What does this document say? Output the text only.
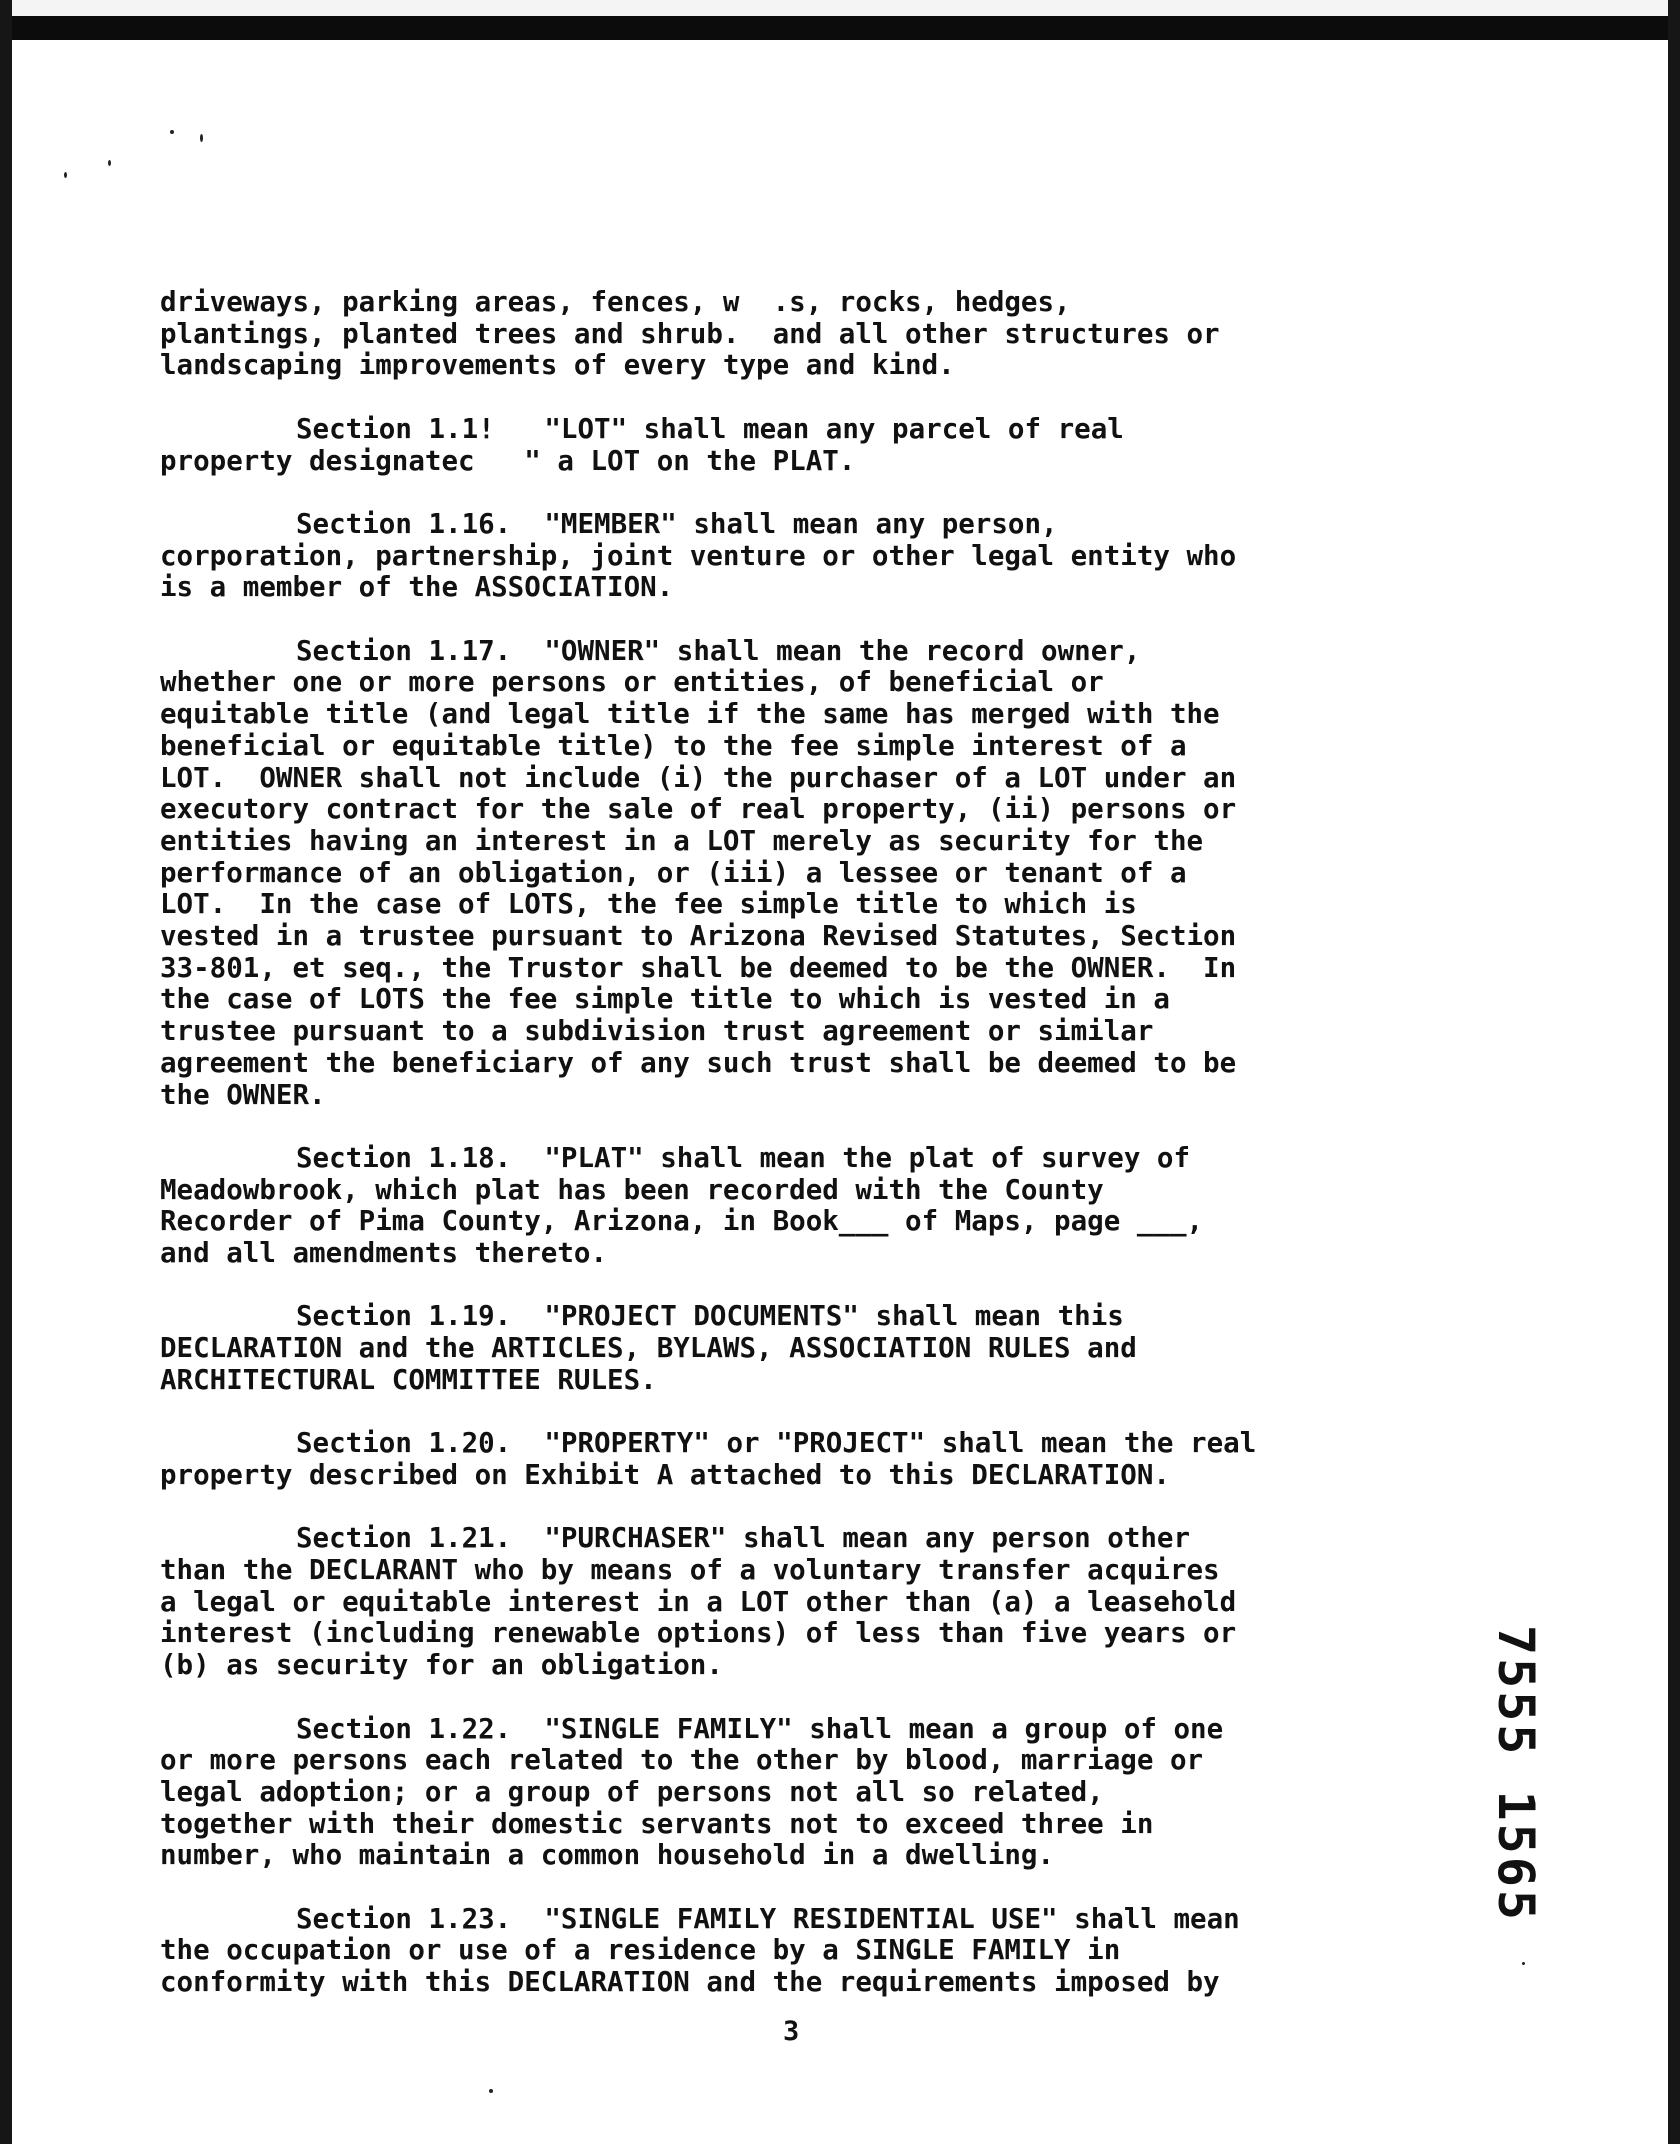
driveways, parking areas, fences, w  .s, rocks, hedges,
plantings, planted trees and shrub.  and all other structures or
landscaping improvements of every type and kind.
Section 1.1!   "LOT" shall mean any parcel of real
property designatec   " a LOT on the PLAT.
Section 1.16.  "MEMBER" shall mean any person,
corporation, partnership, joint venture or other legal entity who
is a member of the ASSOCIATION.
Section 1.17.  "OWNER" shall mean the record owner,
whether one or more persons or entities, of beneficial or
equitable title (and legal title if the same has merged with the
beneficial or equitable title) to the fee simple interest of a
LOT.  OWNER shall not include (i) the purchaser of a LOT under an
executory contract for the sale of real property, (ii) persons or
entities having an interest in a LOT merely as security for the
performance of an obligation, or (iii) a lessee or tenant of a
LOT.  In the case of LOTS, the fee simple title to which is
vested in a trustee pursuant to Arizona Revised Statutes, Section
33-801, et seq., the Trustor shall be deemed to be the OWNER.  In
the case of LOTS the fee simple title to which is vested in a
trustee pursuant to a subdivision trust agreement or similar
agreement the beneficiary of any such trust shall be deemed to be
the OWNER.
Section 1.18.  "PLAT" shall mean the plat of survey of
Meadowbrook, which plat has been recorded with the County
Recorder of Pima County, Arizona, in Book___ of Maps, page ___,
and all amendments thereto.
Section 1.19.  "PROJECT DOCUMENTS" shall mean this
DECLARATION and the ARTICLES, BYLAWS, ASSOCIATION RULES and
ARCHITECTURAL COMMITTEE RULES.
Section 1.20.  "PROPERTY" or "PROJECT" shall mean the real
property described on Exhibit A attached to this DECLARATION.
Section 1.21.  "PURCHASER" shall mean any person other
than the DECLARANT who by means of a voluntary transfer acquires
a legal or equitable interest in a LOT other than (a) a leasehold
interest (including renewable options) of less than five years or
(b) as security for an obligation.
Section 1.22.  "SINGLE FAMILY" shall mean a group of one
or more persons each related to the other by blood, marriage or
legal adoption; or a group of persons not all so related,
together with their domestic servants not to exceed three in
number, who maintain a common household in a dwelling.
Section 1.23.  "SINGLE FAMILY RESIDENTIAL USE" shall mean
the occupation or use of a residence by a SINGLE FAMILY in
conformity with this DECLARATION and the requirements imposed by
7555 1565
3
